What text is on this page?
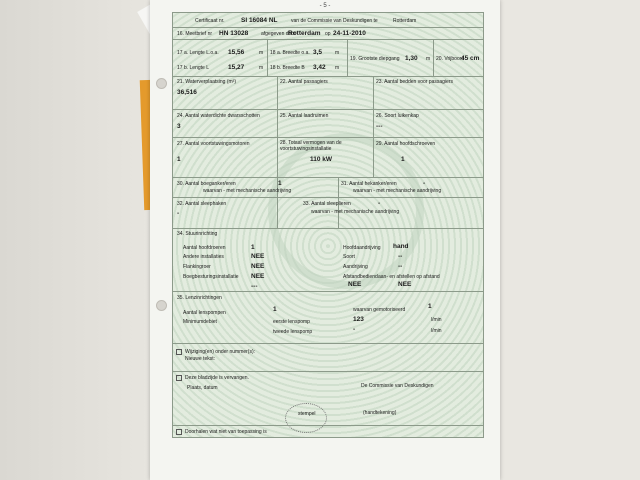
- 5 -
Certificaat nr.	SI 16084 NL	van de Commissie van Deskundigen te	Rotterdam
16. Meetbrief nr HN 13028	afgegeven door
Rotterdam op 24-11-2010
17 a. Lengte L.o.a. 15,56	m
17 b. Lengte L	15,27	m
18 a. Breedte o.a. 3,5	m
18 b. Breedte B 3,42 m
19. Grootste diepgang 1,30 m 20. Vrijboord
45 cm
21. Waterverplaatsing (m³)
36,516
22. Aantal passagiers	23. Aantal bedden voor passagiers
24. Aantal waterdichte dwarsschotten
3
25. Aantal laadruimen	26. Soort luikenkap
---
27. Aantal voortstuwingsmotoren
1
28. Totaal vermogen van de voortstuwingsinstallatie
110 kW
29. Aantal hoofdschroeven
1
30. Aantal boeganker/eren	1
waarvan - met mechanische aandrijving
31. Aantal hekanker/eren	-
waarvan - met mechanische aandrijving
32. Aantal sleephaken
-
33. Aantal sleeplieren	-
waarvan - met mechanische aandrijving
34. Stuurinrichting
Aantal hoofdroeren	1	Hoofdaandrijving hand
Andere installaties	NEE	Soort	--
Flankingroer	NEE	Aandrijving	--
Boegbesturingsinstallatie NEE	Afstandbediend aan- en afstellen op afstand
---	NEE	NEE
35. Lenzinrichtingen
Aantal lenspompen	1	waarvan gemotoriseerd	1
Minimumdebiet	eerste lenspomp	123	l/min
tweede lenspomp	-	l/min
Wijziging(en) onder nummer(s):
Nieuwe tekst:
Deze bladzijde is vervangen.
Plaats, datum	De Commissie van Deskundigen
stempel	(handtekening)
Doorhalen wat niet van toepassing is
